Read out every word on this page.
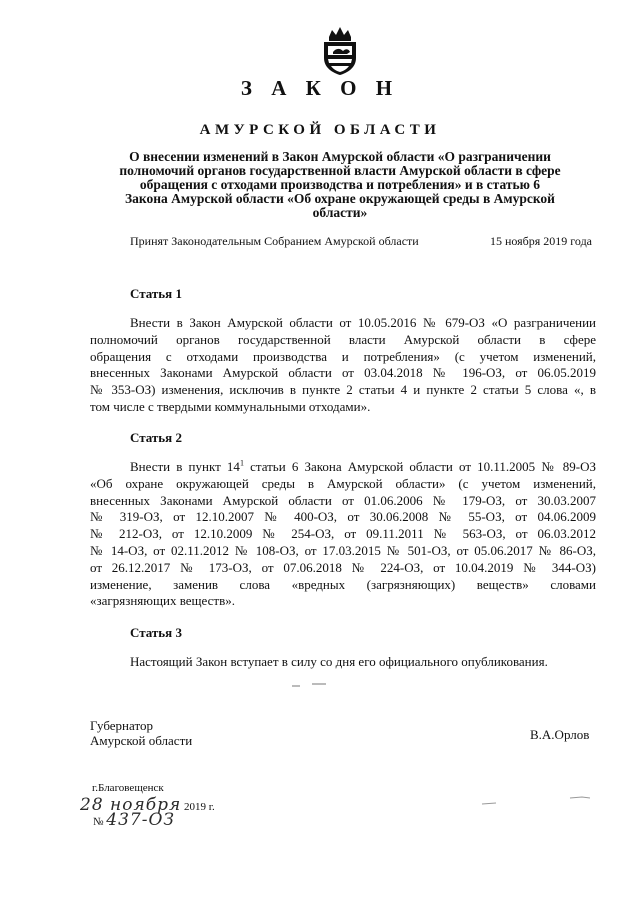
З А К О Н
АМУРСКОЙ ОБЛАСТИ
О внесении изменений в Закон Амурской области «О разграничении
полномочий органов государственной власти Амурской области в сфере
обращения с отходами производства и потребления» и в статью 6
Закона Амурской области «Об охране окружающей среды в Амурской
области»
Принят Законодательным Собранием Амурской области	15 ноября 2019 года
Статья 1
Внести в Закон Амурской области от 10.05.2016 № 679-ОЗ «О разграничении
полномочий органов государственной власти Амурской области в сфере
обращения с отходами производства и потребления» (с учетом изменений,
внесенных Законами Амурской области от 03.04.2018 № 196-ОЗ, от 06.05.2019
№ 353-ОЗ) изменения, исключив в пункте 2 статьи 4 и пункте 2 статьи 5 слова «, в
том числе с твердыми коммунальными отходами».
Статья 2
Внести в пункт $14^1$ статьи 6 Закона Амурской области от 10.11.2005 № 89-ОЗ
«Об охране окружающей среды в Амурской области» (с учетом изменений,
внесенных Законами Амурской области от 01.06.2006 № 179-ОЗ, от 30.03.2007
№ 319-ОЗ, от 12.10.2007 № 400-ОЗ, от 30.06.2008 № 55-ОЗ, от 04.06.2009
№ 212-ОЗ, от 12.10.2009 № 254-ОЗ, от 09.11.2011 № 563-ОЗ, от 06.03.2012
№ 14-ОЗ, от 02.11.2012 № 108-ОЗ, от 17.03.2015 № 501-ОЗ, от 05.06.2017 № 86-ОЗ,
от 26.12.2017 № 173-ОЗ, от 07.06.2018 № 224-ОЗ, от 10.04.2019 № 344-ОЗ)
изменение, заменив слова «вредных (загрязняющих) веществ» словами
«загрязняющих веществ».
Статья 3
Настоящий Закон вступает в силу со дня его официального опубликования.
Губернатор
Амурской области	В.А.Орлов
г.Благовещенск
28 ноября 2019 г.
№ 437-ОЗ
